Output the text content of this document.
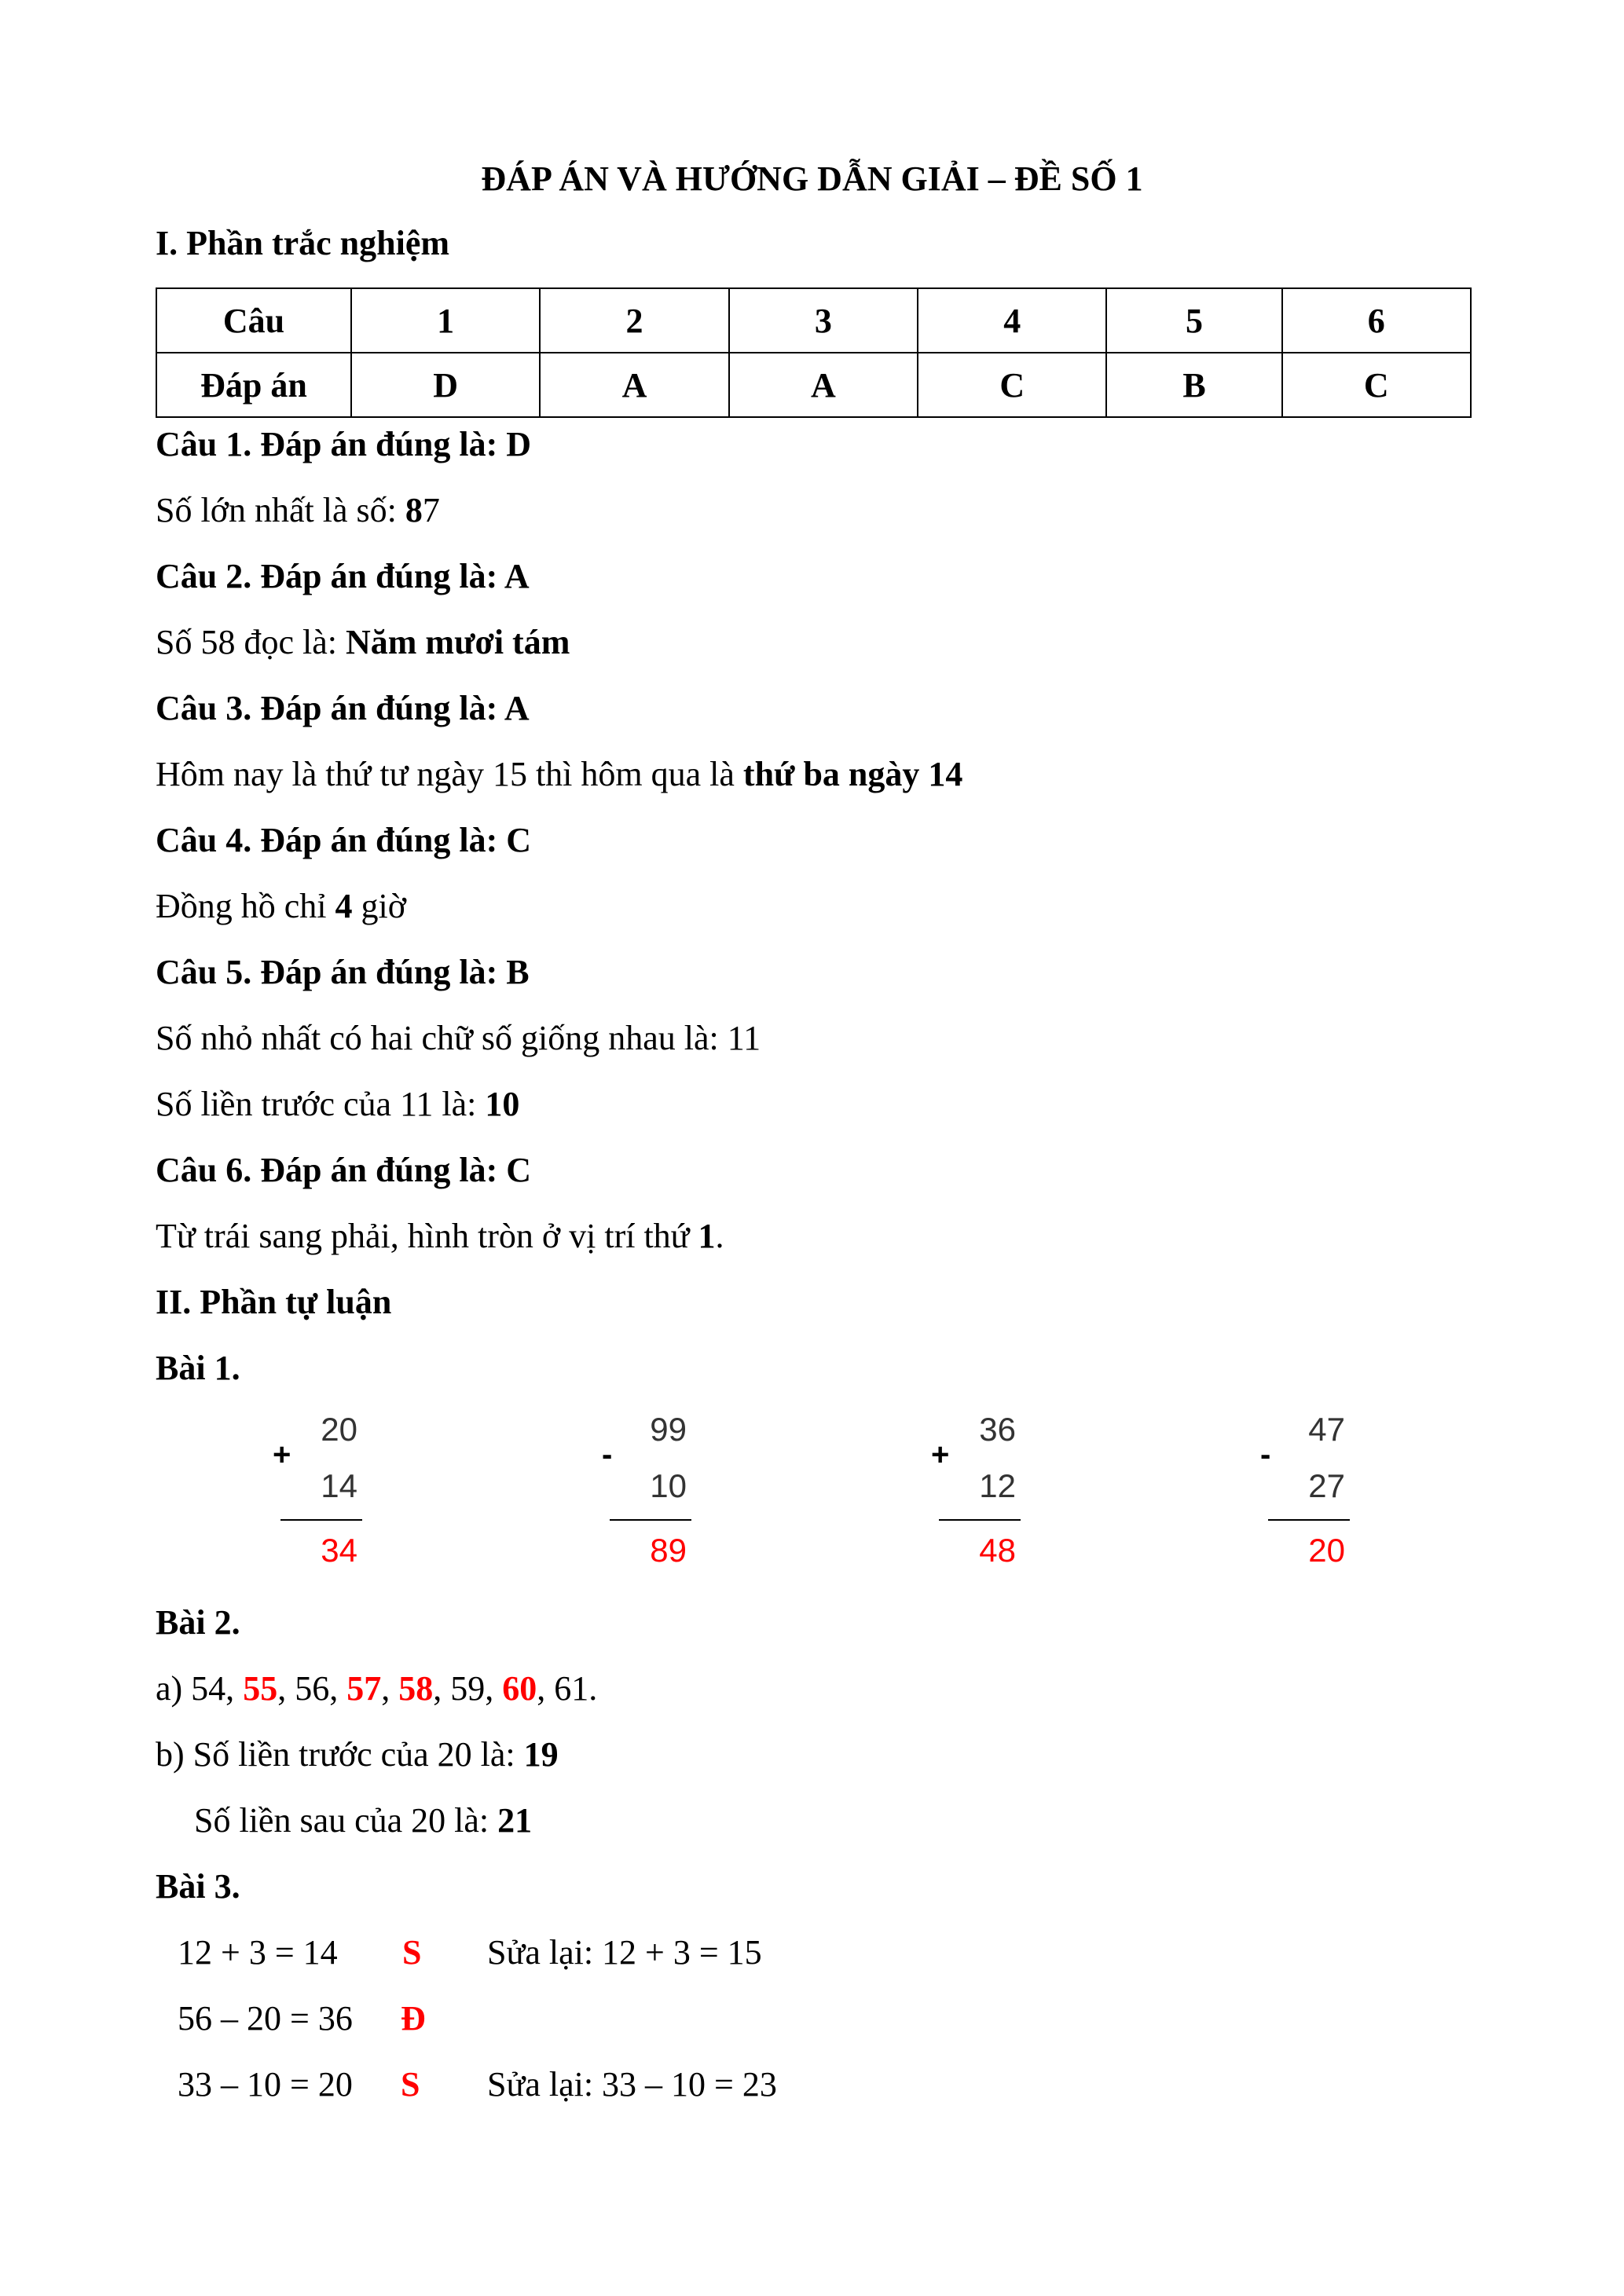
ĐÁP ÁN VÀ HƯỚNG DẪN GIẢI – ĐỀ SỐ 1
I. Phần trắc nghiệm
Câu	1	2	3	4	5	6
Đáp án	D	A	A	C	B	C
Câu 1. Đáp án đúng là: D
Số lớn nhất là số: 87
Câu 2. Đáp án đúng là: A
Số 58 đọc là: Năm mươi tám
Câu 3. Đáp án đúng là: A
Hôm nay là thứ tư ngày 15 thì hôm qua là thứ ba ngày 14
Câu 4. Đáp án đúng là: C
Đồng hồ chỉ 4 giờ
Câu 5. Đáp án đúng là: B
Số nhỏ nhất có hai chữ số giống nhau là: 11
Số liền trước của 11 là: 10
Câu 6. Đáp án đúng là: C
Từ trái sang phải, hình tròn ở vị trí thứ 1.
II. Phần tự luận
Bài 1.
20
+
14
34
99
-
10
89
36
+
12
48
47
-
27
20
Bài 2.
a) 54, 55, 56, 57, 58, 59, 60, 61.
b) Số liền trước của 20 là: 19
Số liền sau của 20 là: 21
Bài 3.
12 + 3 = 14 S Sửa lại: 12 + 3 = 15
56 – 20 = 36 Đ
33 – 10 = 20 S Sửa lại: 33 – 10 = 23
